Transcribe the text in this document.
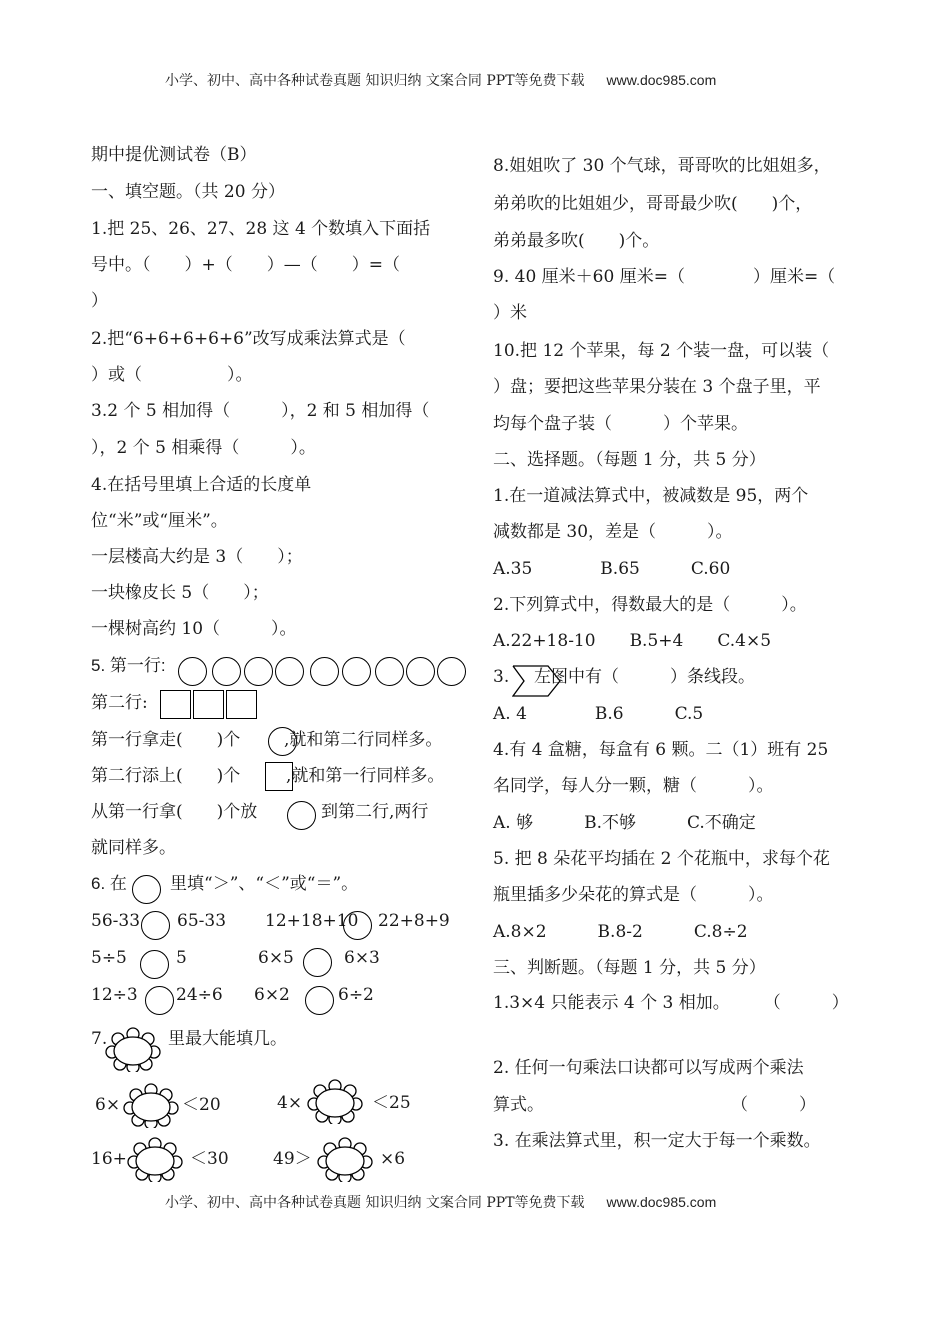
小学、初中、高中各种试卷真题 知识归纳 文案合同 PPT等免费下载 www.doc985.com
期中提优测试卷（B）
一、填空题。（共 20 分）
1.把 25、26、27、28 这 4 个数填入下面括
号中。（　　）+（　　）—（　　）=（
）
2.把“6+6+6+6+6”改写成乘法算式是（
）或（　　　　　）。
3.2 个 5 相加得（　　　），2 和 5 相加得（
），2 个 5 相乘得（　　　）。
4.在括号里填上合适的长度单
位“米”或“厘米”。
一层楼高大约是 3（　　）；
一块橡皮长 5（　　）；
一棵树高约 10（　　　）。
5. 第一行:
第二行:
第一行拿走(　　)个	,就和第二行同样多。
第二行添上(　　)个	,就和第一行同样多。
从第一行拿(　　)个放	到第二行,两行
就同样多。
6. 在	里填“＞”、“＜”或“＝”。
56-33 65-33 12+18+10 22+8+9
5÷5	5	6×5	6×3
12÷3 24÷6 6×2	6÷2
7.	里最大能填几。
6×	＜20	4×	＜25
16+	＜30	49＞	×6
8.姐姐吹了 30 个气球，哥哥吹的比姐姐多，
弟弟吹的比姐姐少，哥哥最少吹(　　)个，
弟弟最多吹(　　)个。
9. 40 厘米＋60 厘米=（　　　　）厘米=（
）米
10.把 12 个苹果，每 2 个装一盘，可以装（
）盘；要把这些苹果分装在 3 个盘子里，平
均每个盘子装（　　　）个苹果。
二、选择题。（每题 1 分，共 5 分）
1.在一道减法算式中，被减数是 95，两个
减数都是 30，差是（　　　）。
A.35　　　　B.65　　　C.60
2.下列算式中，得数最大的是（　　　）。
A.22+18-10　　B.5+4　　C.4×5
3. 左图中有（　　　）条线段。
A. 4　　　　B.6　　　C.5
4.有 4 盒糖，每盒有 6 颗。二（1）班有 25
名同学，每人分一颗，糖（　　　）。
A. 够　　　B.不够　　　C.不确定
5. 把 8 朵花平均插在 2 个花瓶中，求每个花
瓶里插多少朵花的算式是（　　　）。
A.8×2　　　B.8-2　　　C.8÷2
三、判断题。（每题 1 分，共 5 分）
1.3×4 只能表示 4 个 3 相加。　　　（　　　）
2. 任何一句乘法口诀都可以写成两个乘法
算式。　　　　　　　　　　　　（　　　）
3. 在乘法算式里，积一定大于每一个乘数。
小学、初中、高中各种试卷真题 知识归纳 文案合同 PPT等免费下载 www.doc985.com
